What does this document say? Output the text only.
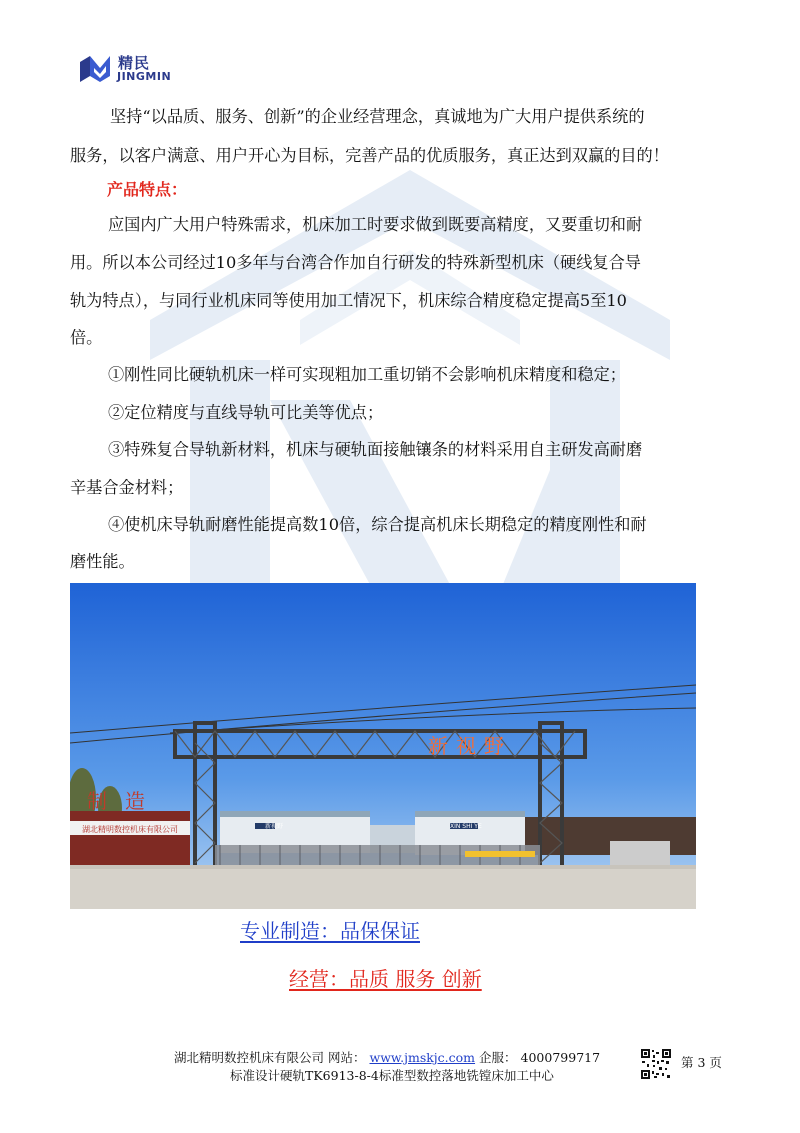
精民
JINGMIN
坚持“以品质、服务、创新”的企业经营理念，真诚地为广大用户提供系统的
服务，以客户满意、用户开心为目标，完善产品的优质服务，真正达到双赢的目的！
产品特点：
应国内广大用户特殊需求，机床加工时要求做到既要高精度，又要重切和耐
用。所以本公司经过10多年与台湾合作加自行研发的特殊新型机床（硬线复合导
轨为特点），与同行业机床同等使用加工情况下，机床综合精度稳定提高5至10
倍。
①刚性同比硬轨机床一样可实现粗加工重切销不会影响机床精度和稳定；
②定位精度与直线导轨可比美等优点；
③特殊复合导轨新材料，机床与硬轨面接触镶条的材料采用自主研发高耐磨
辛基合金材料；
④使机床导轨耐磨性能提高数10倍，综合提高机床长期稳定的精度刚性和耐
磨性能。
新视野
制造
湖北精明数控机床有限公司	新视野	XIN SHI YE
专业制造：品保保证
经营：品质 服务 创新
湖北精明数控机床有限公司 网站： www.jmskjc.com 企服： 4000799717
标准设计硬轨TK6913-8-4标准型数控落地铣镗床加工中心
第 3 页
